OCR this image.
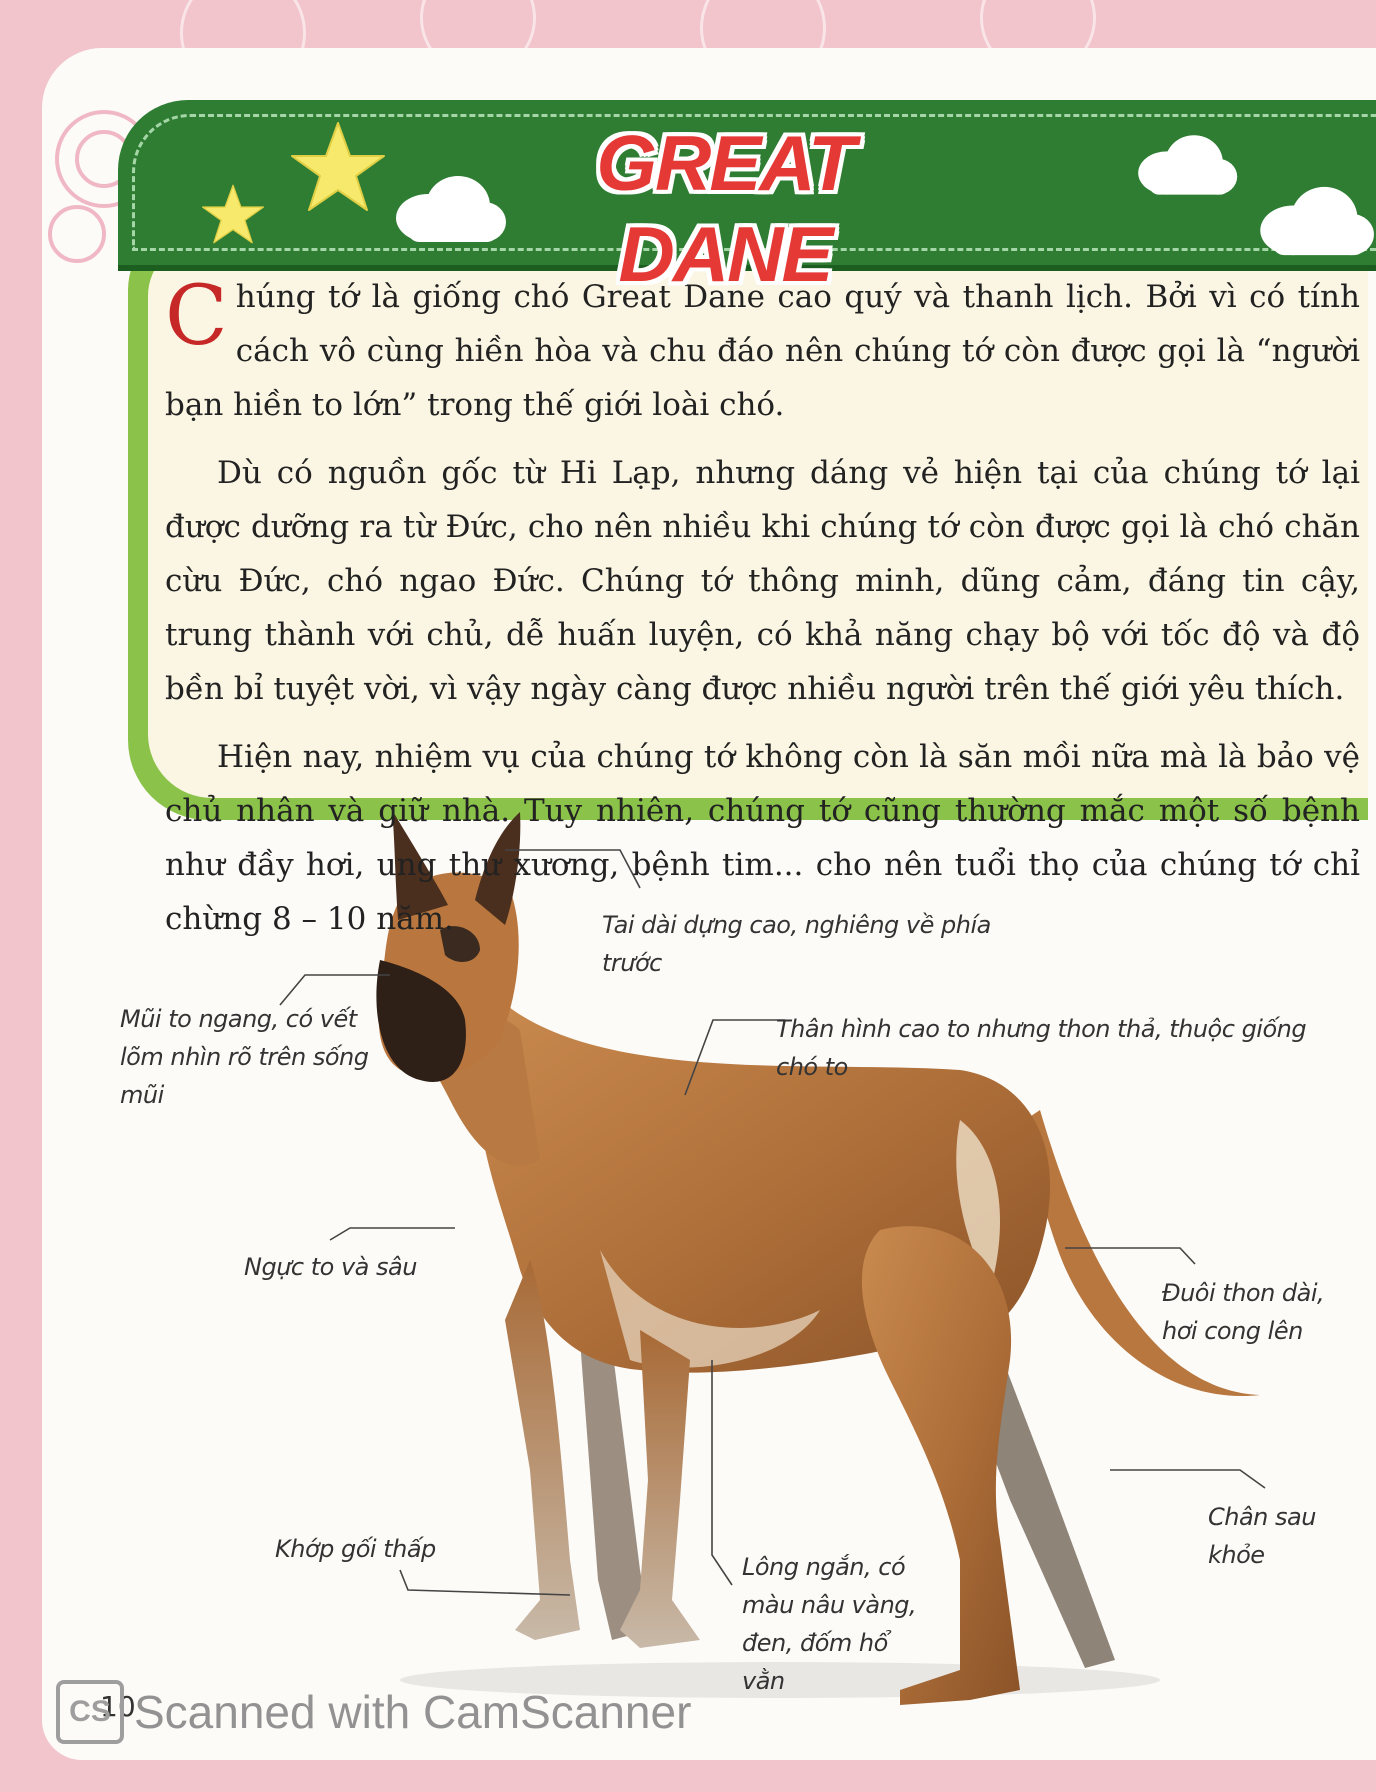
GREAT DANE

Chúng tớ là giống chó Great Dane cao quý và thanh lịch. Bởi vì có tính cách vô cùng hiền hòa và chu đáo nên chúng tớ còn được gọi là “người bạn hiền to lớn” trong thế giới loài chó.

Dù có nguồn gốc từ Hi Lạp, nhưng dáng vẻ hiện tại của chúng tớ lại được dưỡng ra từ Đức, cho nên nhiều khi chúng tớ còn được gọi là chó chăn cừu Đức, chó ngao Đức. Chúng tớ thông minh, dũng cảm, đáng tin cậy, trung thành với chủ, dễ huấn luyện, có khả năng chạy bộ với tốc độ và độ bền bỉ tuyệt vời, vì vậy ngày càng được nhiều người trên thế giới yêu thích.

Hiện nay, nhiệm vụ của chúng tớ không còn là săn mồi nữa mà là bảo vệ chủ nhân và giữ nhà. Tuy nhiên, chúng tớ cũng thường mắc một số bệnh như đầy hơi, ung thư xương, bệnh tim... cho nên tuổi thọ của chúng tớ chỉ chừng 8 – 10 năm.	Tai dài dựng cao, nghiêng về phía trước
Mũi to ngang, có vết lõm nhìn rõ trên sống mũi
Thân hình cao to nhưng thon thả, thuộc giống chó to
Ngực to và sâu
Đuôi thon dài, hơi cong lên
Chân sau khỏe
Khớp gối thấp
Lông ngắn, có màu nâu vàng, đen, đốm hổ vằn
10
CS Scanned with CamScanner
